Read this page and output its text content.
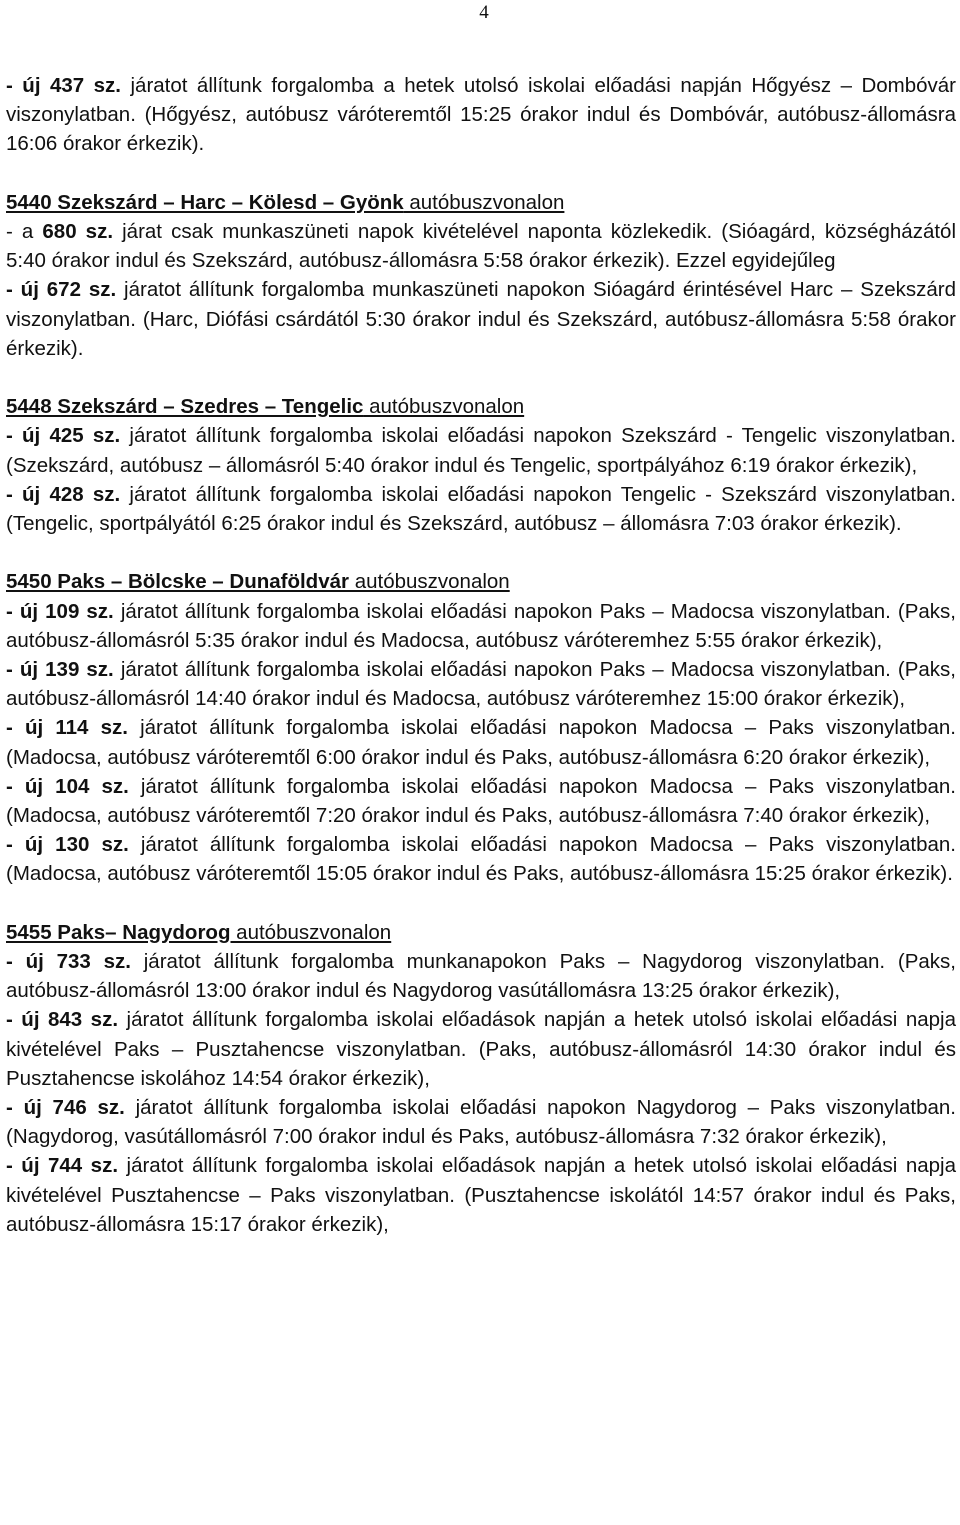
4

- új 437 sz. járatot állítunk forgalomba a hetek utolsó iskolai előadási napján Hőgyész – Dombóvár viszonylatban. (Hőgyész, autóbusz váróteremtől 15:25 órakor indul és Dombóvár, autóbusz-állomásra 16:06 órakor érkezik).

5440 Szekszárd – Harc – Kölesd – Gyönk autóbuszvonalon

- a 680 sz. járat csak munkaszüneti napok kivételével naponta közlekedik. (Sióagárd, községházától 5:40 órakor indul és Szekszárd, autóbusz-állomásra 5:58 órakor érkezik). Ezzel egyidejűleg

- új 672 sz. járatot állítunk forgalomba munkaszüneti napokon Sióagárd érintésével Harc – Szekszárd viszonylatban. (Harc, Diófási csárdától 5:30 órakor indul és Szekszárd, autóbusz-állomásra 5:58 órakor érkezik).

5448 Szekszárd – Szedres – Tengelic autóbuszvonalon

- új 425 sz. járatot állítunk forgalomba iskolai előadási napokon Szekszárd - Tengelic viszonylatban. (Szekszárd, autóbusz – állomásról 5:40 órakor indul és Tengelic, sportpályához 6:19 órakor érkezik),

- új 428 sz. járatot állítunk forgalomba iskolai előadási napokon Tengelic - Szekszárd viszonylatban. (Tengelic, sportpályától 6:25 órakor indul és Szekszárd, autóbusz – állomásra 7:03 órakor érkezik).

5450 Paks – Bölcske – Dunaföldvár autóbuszvonalon

- új 109 sz. járatot állítunk forgalomba iskolai előadási napokon Paks – Madocsa viszonylatban. (Paks, autóbusz-állomásról 5:35 órakor indul és Madocsa, autóbusz váróteremhez 5:55 órakor érkezik),

- új 139 sz. járatot állítunk forgalomba iskolai előadási napokon Paks – Madocsa viszonylatban. (Paks, autóbusz-állomásról 14:40 órakor indul és Madocsa, autóbusz váróteremhez 15:00 órakor érkezik),

- új 114 sz. járatot állítunk forgalomba iskolai előadási napokon Madocsa – Paks viszonylatban. (Madocsa, autóbusz váróteremtől 6:00 órakor indul és Paks, autóbusz-állomásra 6:20 órakor érkezik),

- új 104 sz. járatot állítunk forgalomba iskolai előadási napokon Madocsa – Paks viszonylatban. (Madocsa, autóbusz váróteremtől 7:20 órakor indul és Paks, autóbusz-állomásra 7:40 órakor érkezik),

- új 130 sz. járatot állítunk forgalomba iskolai előadási napokon Madocsa – Paks viszonylatban. (Madocsa, autóbusz váróteremtől 15:05 órakor indul és Paks, autóbusz-állomásra 15:25 órakor érkezik).

5455 Paks– Nagydorog autóbuszvonalon

- új 733 sz. járatot állítunk forgalomba munkanapokon Paks – Nagydorog viszonylatban. (Paks, autóbusz-állomásról 13:00 órakor indul és Nagydorog vasútállomásra 13:25 órakor érkezik),

- új 843 sz. járatot állítunk forgalomba iskolai előadások napján a hetek utolsó iskolai előadási napja kivételével Paks – Pusztahencse viszonylatban. (Paks, autóbusz-állomásról 14:30 órakor indul és Pusztahencse iskolához 14:54 órakor érkezik),

- új 746 sz. járatot állítunk forgalomba iskolai előadási napokon Nagydorog – Paks viszonylatban. (Nagydorog, vasútállomásról 7:00 órakor indul és Paks, autóbusz-állomásra 7:32 órakor érkezik),

- új 744 sz. járatot állítunk forgalomba iskolai előadások napján a hetek utolsó iskolai előadási napja kivételével Pusztahencse – Paks viszonylatban. (Pusztahencse iskolától 14:57 órakor indul és Paks, autóbusz-állomásra 15:17 órakor érkezik),
